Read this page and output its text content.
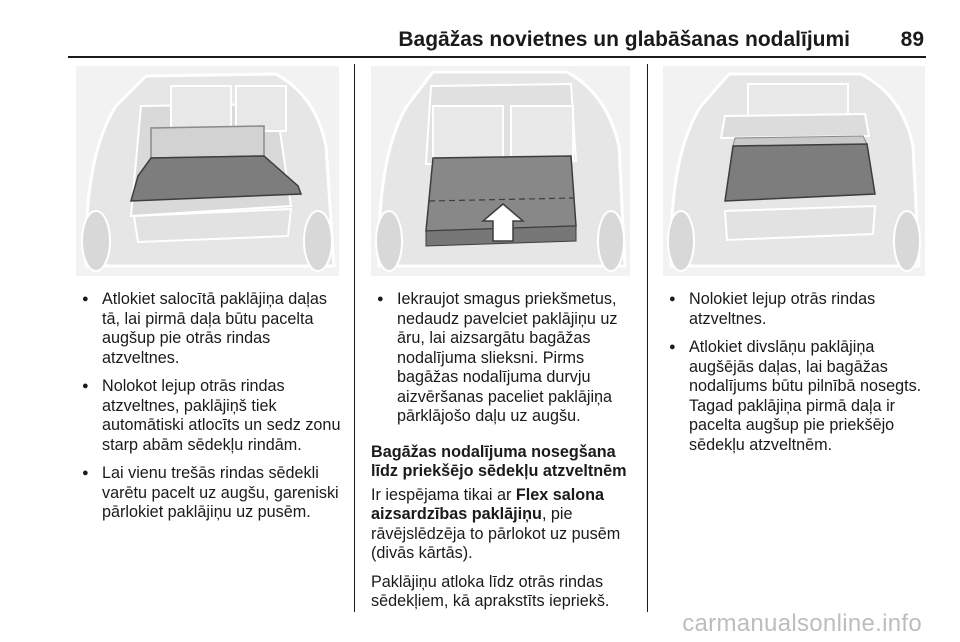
Bagāžas novietnes un glabāšanas nodalījumi 89
● Atlokiet salocītā paklājiņa daļas tā, lai pirmā daļa būtu pacelta augšup pie otrās rindas atzveltnes.
● Nolokot lejup otrās rindas atzveltnes, paklājiņš tiek automātiski atlocīts un sedz zonu starp abām sēdekļu rindām.
● Lai vienu trešās rindas sēdekli varētu pacelt uz augšu, gareniski pārlokiet paklājiņu uz pusēm.
● Iekraujot smagus priekšmetus, nedaudz pavelciet paklājiņu uz āru, lai aizsargātu bagāžas nodalījuma slieksni. Pirms bagāžas nodalījuma durvju aizvēršanas paceliet paklājiņa pārklājošo daļu uz augšu.
Bagāžas nodalījuma nosegšana līdz priekšējo sēdekļu atzveltnēm

Ir iespējama tikai ar Flex salona aizsardzības paklājiņu, pie rāvējslēdzēja to pārlokot uz pusēm (divās kārtās).

Paklājiņu atloka līdz otrās rindas sēdekļiem, kā aprakstīts iepriekš.

● Nolokiet lejup otrās rindas atzveltnes.
● Atlokiet divslāņu paklājiņa augšējās daļas, lai bagāžas nodalījums būtu pilnībā nosegts. Tagad paklājiņa pirmā daļa ir pacelta augšup pie priekšējo sēdekļu atzveltnēm.
carmanualsonline.info
